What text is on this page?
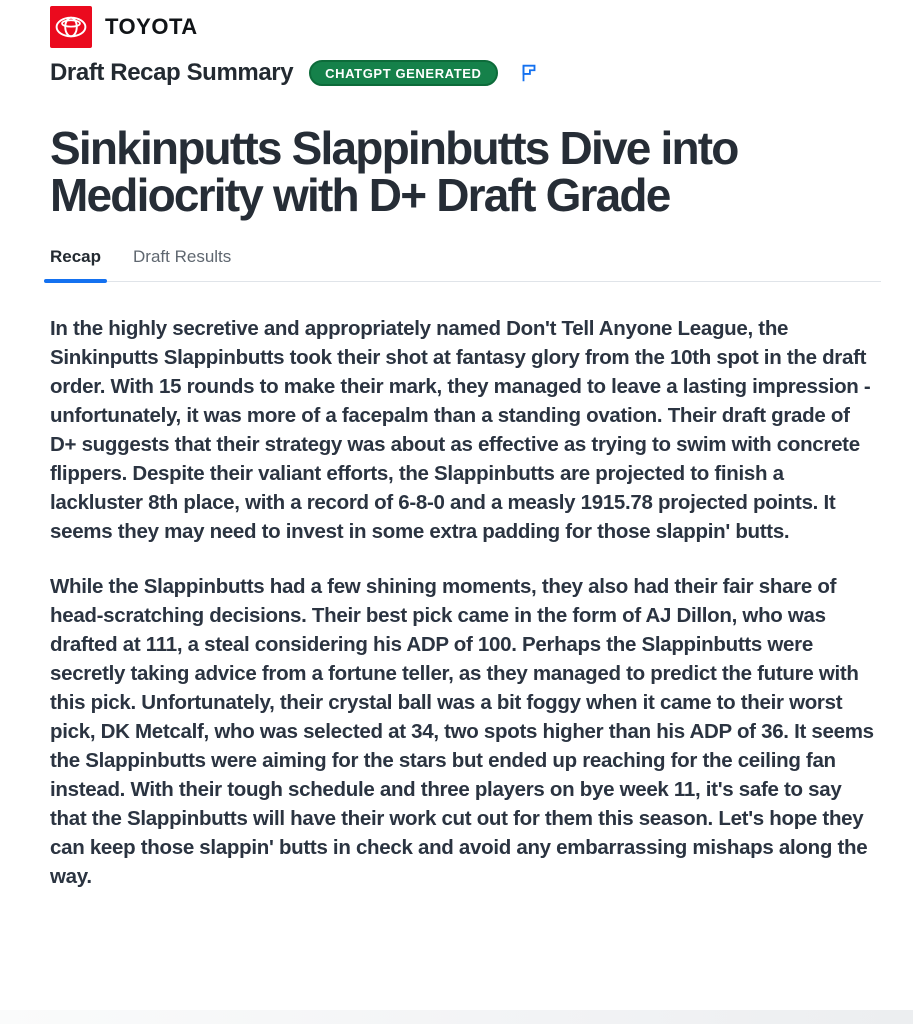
TOYOTA
Draft Recap Summary	CHATGPT GENERATED
Sinkinputts Slappinbutts Dive into
Mediocrity with D+ Draft Grade
Recap Draft Results

In the highly secretive and appropriately named Don't Tell Anyone League, the Sinkinputts Slappinbutts took their shot at fantasy glory from the 10th spot in the draft order. With 15 rounds to make their mark, they managed to leave a lasting impression - unfortunately, it was more of a facepalm than a standing ovation. Their draft grade of D+ suggests that their strategy was about as effective as trying to swim with concrete flippers. Despite their valiant efforts, the Slappinbutts are projected to finish a lackluster 8th place, with a record of 6-8-0 and a measly 1915.78 projected points. It seems they may need to invest in some extra padding for those slappin' butts.

While the Slappinbutts had a few shining moments, they also had their fair share of head-scratching decisions. Their best pick came in the form of AJ Dillon, who was drafted at 111, a steal considering his ADP of 100. Perhaps the Slappinbutts were secretly taking advice from a fortune teller, as they managed to predict the future with this pick. Unfortunately, their crystal ball was a bit foggy when it came to their worst pick, DK Metcalf, who was selected at 34, two spots higher than his ADP of 36. It seems the Slappinbutts were aiming for the stars but ended up reaching for the ceiling fan instead. With their tough schedule and three players on bye week 11, it's safe to say that the Slappinbutts will have their work cut out for them this season. Let's hope they can keep those slappin' butts in check and avoid any embarrassing mishaps along the way.
